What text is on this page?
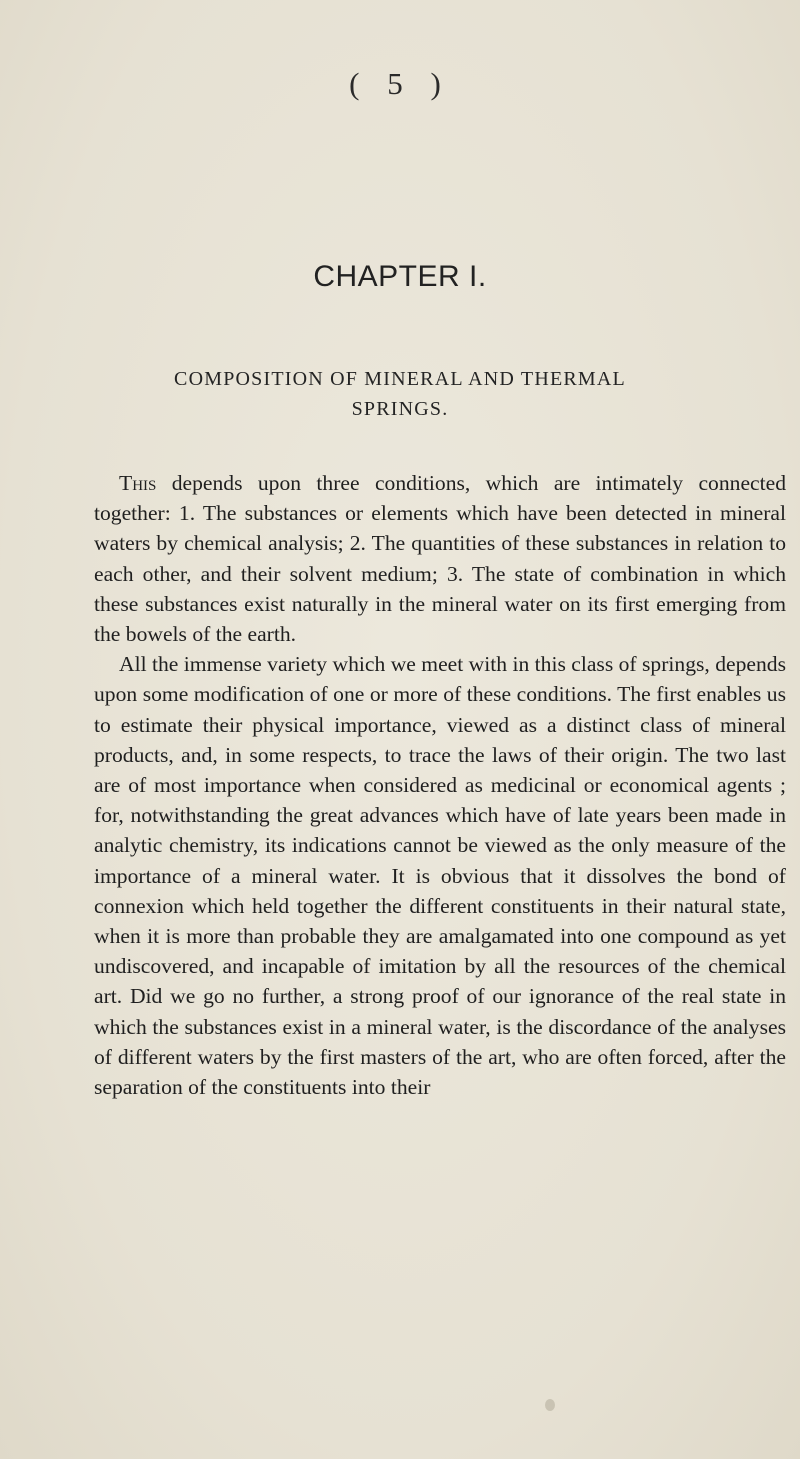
( 5 )
CHAPTER I.
COMPOSITION OF MINERAL AND THERMAL
SPRINGS.

This depends upon three conditions, which are intimately connected together: 1. The substances or elements which have been detected in mineral waters by chemical analysis; 2. The quantities of these substances in relation to each other, and their solvent medium; 3. The state of combination in which these substances exist naturally in the mineral water on its first emerging from the bowels of the earth.

All the immense variety which we meet with in this class of springs, depends upon some modification of one or more of these conditions. The first enables us to estimate their physical importance, viewed as a distinct class of mineral products, and, in some respects, to trace the laws of their origin. The two last are of most importance when considered as medicinal or economical agents ; for, notwithstanding the great advances which have of late years been made in analytic chemistry, its indications cannot be viewed as the only measure of the importance of a mineral water. It is obvious that it dissolves the bond of connexion which held together the different constituents in their natural state, when it is more than probable they are amalgamated into one compound as yet undiscovered, and incapable of imitation by all the resources of the chemical art. Did we go no further, a strong proof of our ignorance of the real state in which the substances exist in a mineral water, is the discordance of the analyses of different waters by the first masters of the art, who are often forced, after the separation of the constituents into their
